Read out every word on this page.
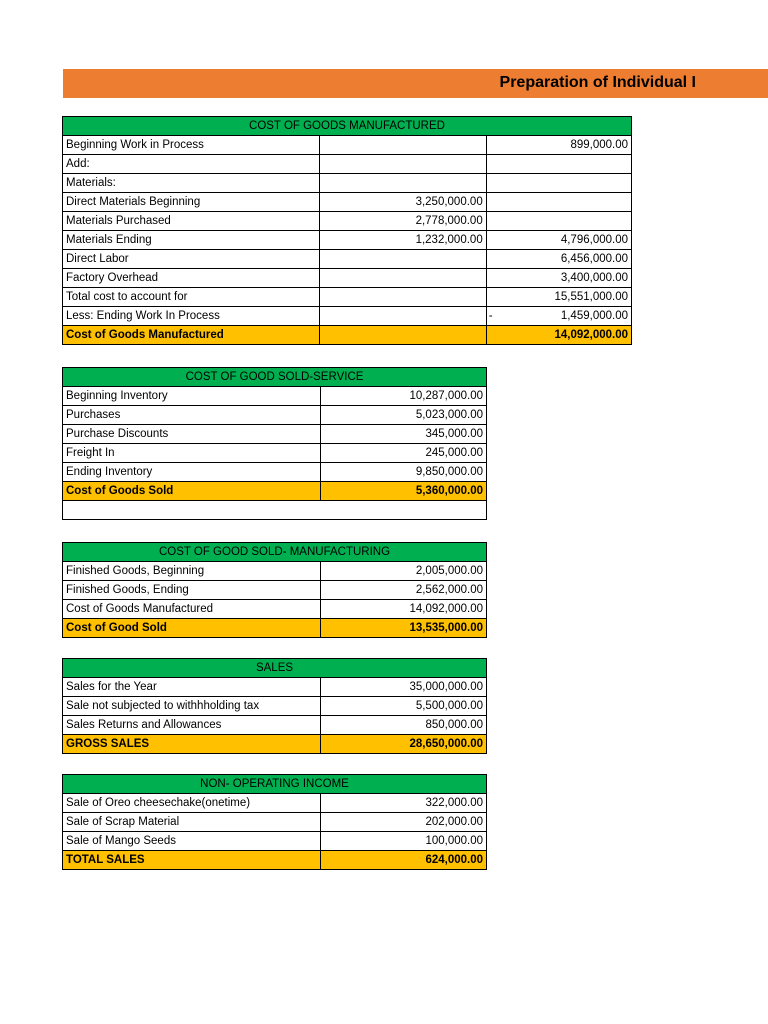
Preparation of Individual I
COST OF GOODS MANUFACTURED		
Beginning Work in Process		899,000.00
Add:		
Materials:		
Direct Materials Beginning	3,250,000.00	
Materials Purchased	2,778,000.00	
Materials Ending	1,232,000.00	4,796,000.00
Direct Labor		6,456,000.00
Factory Overhead		3,400,000.00
Total cost to account for		15,551,000.00
Less: Ending Work In Process		- 1,459,000.00
Cost of Goods Manufactured		14,092,000.00
COST OF GOOD SOLD-SERVICE	
Beginning Inventory	10,287,000.00
Purchases	5,023,000.00
Purchase Discounts	345,000.00
Freight In	245,000.00
Ending Inventory	9,850,000.00
Cost of Goods Sold	5,360,000.00

COST OF GOOD SOLD- MANUFACTURING	
Finished Goods, Beginning	2,005,000.00
Finished Goods, Ending	2,562,000.00
Cost of Goods Manufactured	14,092,000.00
Cost of Good Sold	13,535,000.00
SALES	
Sales for the Year	35,000,000.00
Sale not subjected to withhholding tax	5,500,000.00
Sales Returns and Allowances	850,000.00
GROSS SALES	28,650,000.00
NON- OPERATING INCOME	
Sale of Oreo cheesechake(onetime)	322,000.00
Sale of Scrap Material	202,000.00
Sale of Mango Seeds	100,000.00
TOTAL SALES	624,000.00
